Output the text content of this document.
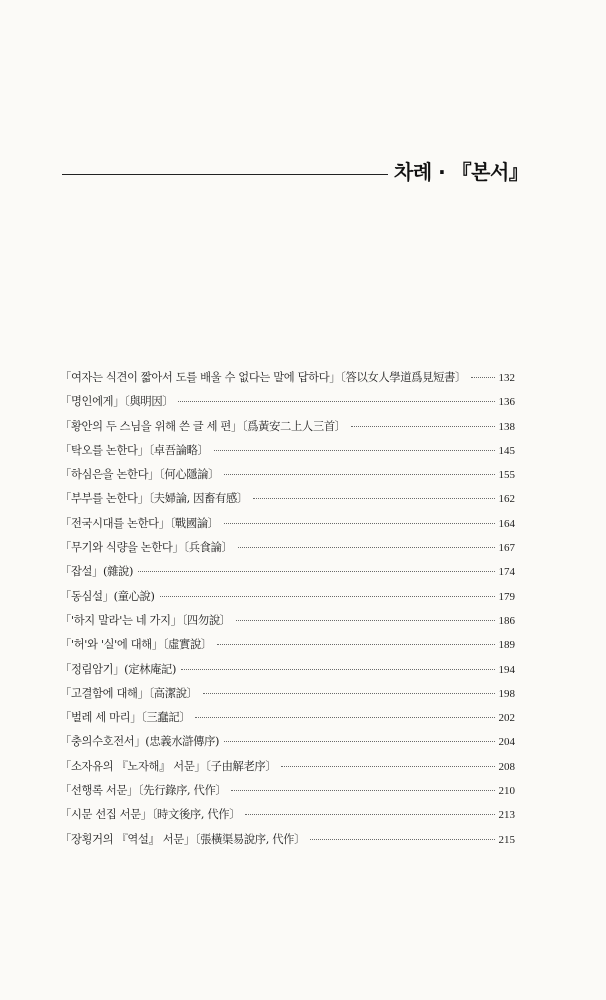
차례 · 『본서』
「여자는 식견이 짧아서 도를 배울 수 없다는 말에 답하다」〔答以女人學道爲見短書〕	132
「명인에게」〔與明因〕	136
「황안의 두 스님을 위해 쓴 글 세 편」〔爲黃安二上人三首〕	138
「탁오를 논한다」〔卓吾論略〕	145
「하심은을 논한다」〔何心隱論〕	155
「부부를 논한다」〔夫婦論, 因畜有感〕	162
「전국시대를 논한다」〔戰國論〕	164
「무기와 식량을 논한다」〔兵食論〕	167
「잡설」(雜說)	174
「동심설」(童心說)	179
「'하지 말라'는 네 가지」〔四勿說〕	186
「'허'와 '실'에 대해」〔虛實說〕	189
「정림암기」(定林庵記)	194
「고결함에 대해」〔高潔說〕	198
「벌레 세 마리」〔三蠢記〕	202
「충의수호전서」(忠義水滸傳序)	204
「소자유의 『노자해』 서문」〔子由解老序〕	208
「선행록 서문」〔先行錄序, 代作〕	210
「시문 선집 서문」〔時文後序, 代作〕	213
「장횡거의 『역설』 서문」〔張橫渠易說序, 代作〕	215
